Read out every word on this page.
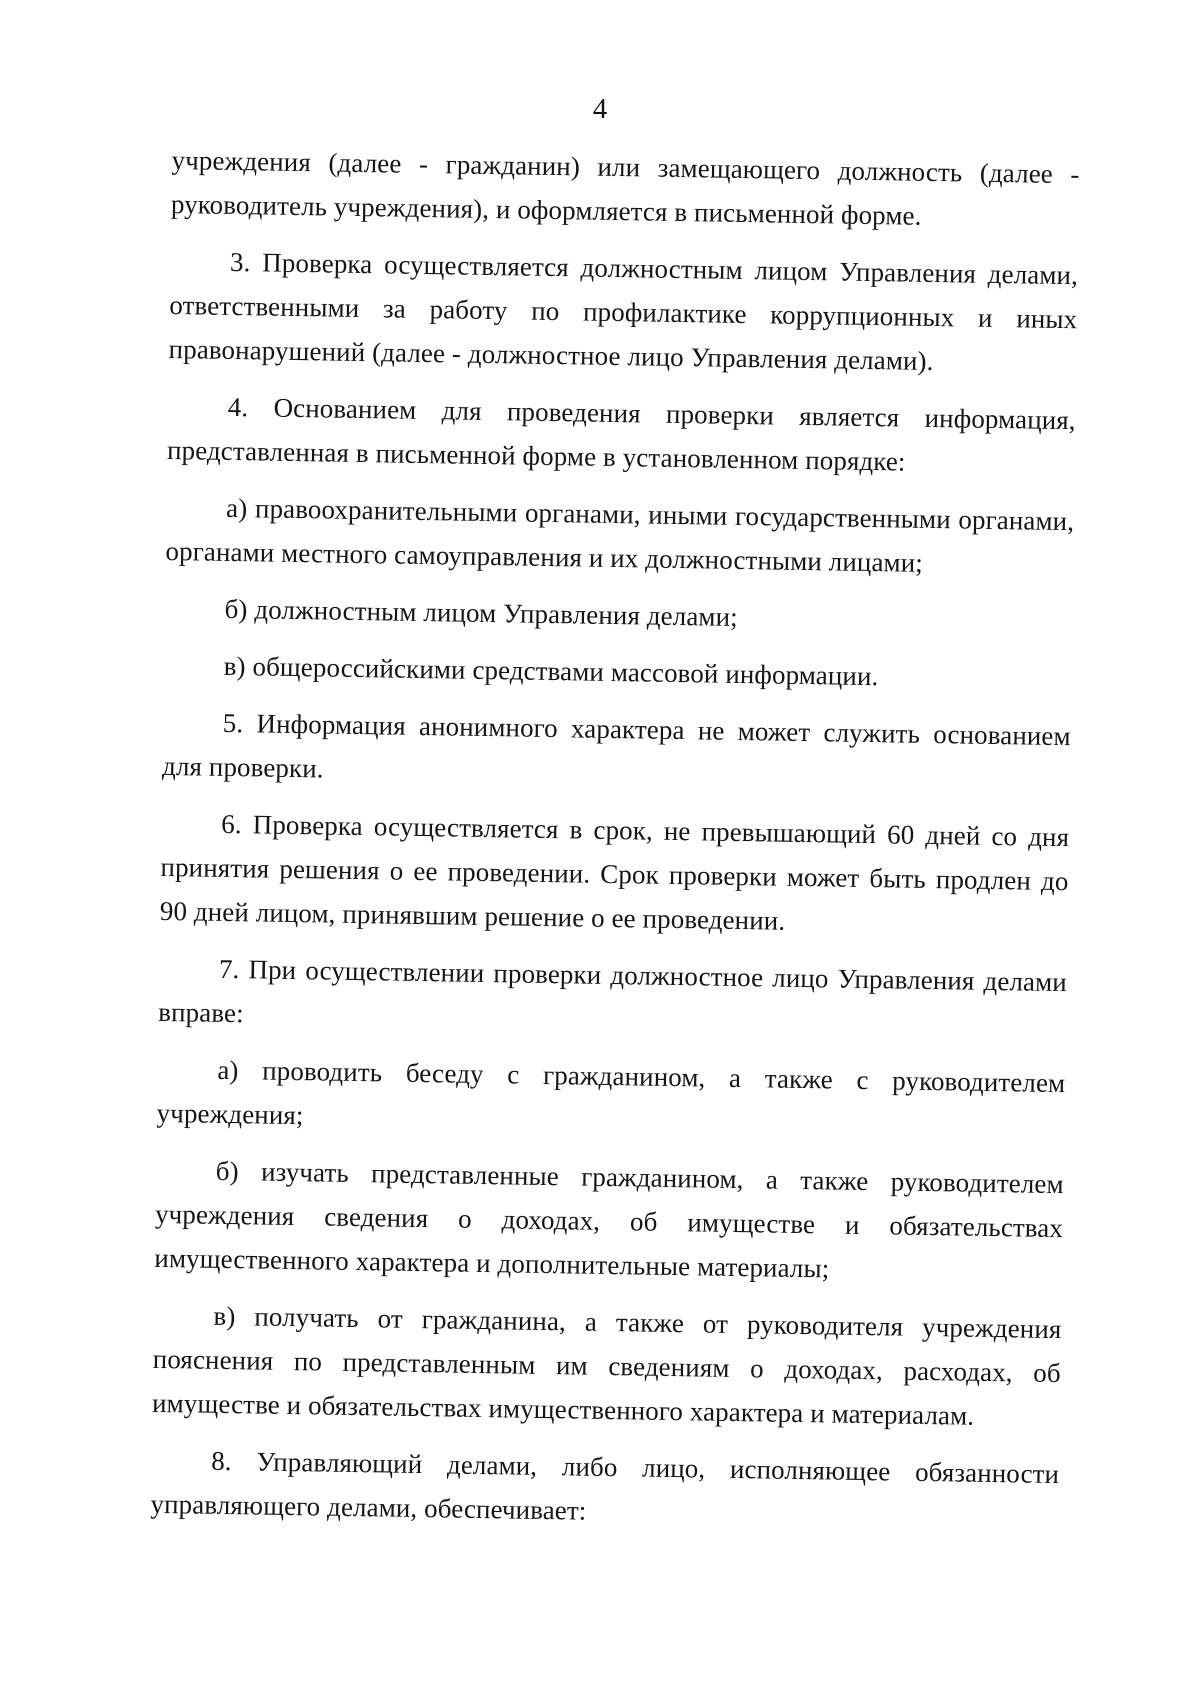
4

учреждения (далее - гражданин) или замещающего должность (далее - руководитель учреждения), и оформляется в письменной форме.

3. Проверка осуществляется должностным лицом Управления делами, ответственными за работу по профилактике коррупционных и иных правонарушений (далее - должностное лицо Управления делами).

4. Основанием для проведения проверки является информация, представленная в письменной форме в установленном порядке:

а) правоохранительными органами, иными государственными органами, органами местного самоуправления и их должностными лицами;

б) должностным лицом Управления делами;

в) общероссийскими средствами массовой информации.

5. Информация анонимного характера не может служить основанием для проверки.

6. Проверка осуществляется в срок, не превышающий 60 дней со дня принятия решения о ее проведении. Срок проверки может быть продлен до 90 дней лицом, принявшим решение о ее проведении.

7. При осуществлении проверки должностное лицо Управления делами вправе:

а) проводить беседу с гражданином, а также с руководителем учреждения;

б) изучать представленные гражданином, а также руководителем учреждения сведения о доходах, об имуществе и обязательствах имущественного характера и дополнительные материалы;

в) получать от гражданина, а также от руководителя учреждения пояснения по представленным им сведениям о доходах, расходах, об имуществе и обязательствах имущественного характера и материалам.

8. Управляющий делами, либо лицо, исполняющее обязанности управляющего делами, обеспечивает:
